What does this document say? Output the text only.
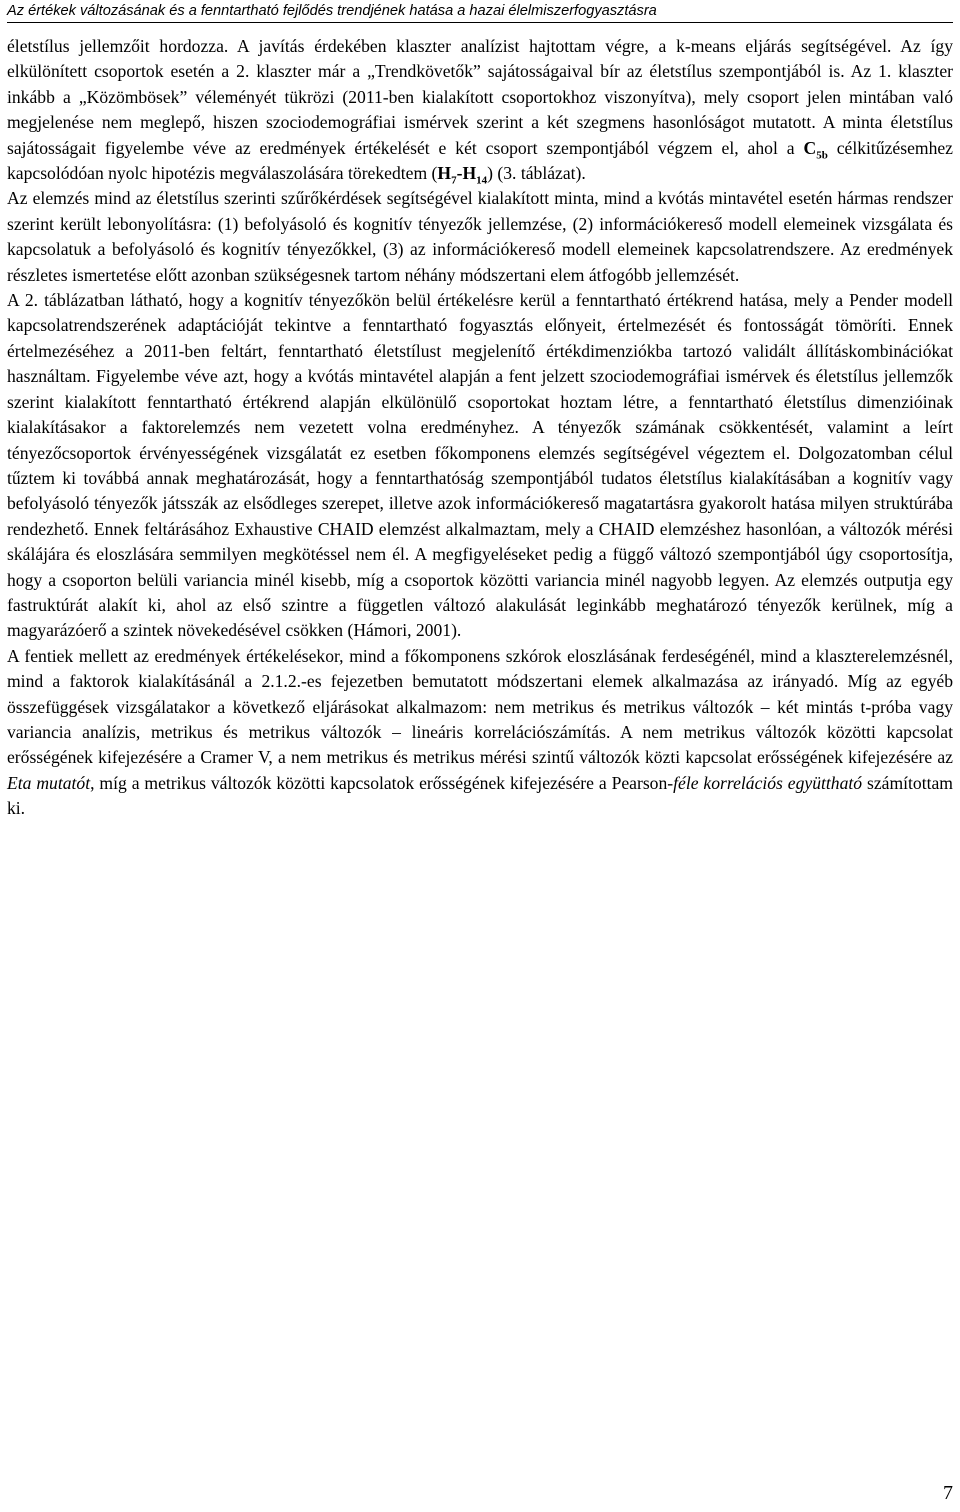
Az értékek változásának és a fenntartható fejlődés trendjének hatása a hazai élelmiszerfogyasztásra

életstílus jellemzőit hordozza. A javítás érdekében klaszter analízist hajtottam végre, a k-means eljárás segítségével. Az így elkülönített csoportok esetén a 2. klaszter már a „Trendkövetők” sajátosságaival bír az életstílus szempontjából is. Az 1. klaszter inkább a „Közömbösek” véleményét tükrözi (2011-ben kialakított csoportokhoz viszonyítva), mely csoport jelen mintában való megjelenése nem meglepő, hiszen szociodemográfiai ismérvek szerint a két szegmens hasonlóságot mutatott. A minta életstílus sajátosságait figyelembe véve az eredmények értékelését e két csoport szempontjából végzem el, ahol a $C_{5b}$ célkitűzésemhez kapcsolódóan nyolc hipotézis megválaszolására törekedtem $(H_7-H_{14})$ (3. táblázat).

Az elemzés mind az életstílus szerinti szűrőkérdések segítségével kialakított minta, mind a kvótás mintavétel esetén hármas rendszer szerint került lebonyolításra: (1) befolyásoló és kognitív tényezők jellemzése, (2) információkereső modell elemeinek vizsgálata és kapcsolatuk a befolyásoló és kognitív tényezőkkel, (3) az információkereső modell elemeinek kapcsolatrendszere. Az eredmények részletes ismertetése előtt azonban szükségesnek tartom néhány módszertani elem átfogóbb jellemzését.

A 2. táblázatban látható, hogy a kognitív tényezőkön belül értékelésre kerül a fenntartható értékrend hatása, mely a Pender modell kapcsolatrendszerének adaptációját tekintve a fenntartható fogyasztás előnyeit, értelmezését és fontosságát tömöríti. Ennek értelmezéséhez a 2011-ben feltárt, fenntartható életstílust megjelenítő értékdimenziókba tartozó validált állításkombinációkat használtam. Figyelembe véve azt, hogy a kvótás mintavétel alapján a fent jelzett szociodemográfiai ismérvek és életstílus jellemzők szerint kialakított fenntartható értékrend alapján elkülönülő csoportokat hoztam létre, a fenntartható életstílus dimenzióinak kialakításakor a faktorelemzés nem vezetett volna eredményhez. A tényezők számának csökkentését, valamint a leírt tényezőcsoportok érvényességének vizsgálatát ez esetben főkomponens elemzés segítségével végeztem el. Dolgozatomban célul tűztem ki továbbá annak meghatározását, hogy a fenntarthatóság szempontjából tudatos életstílus kialakításában a kognitív vagy befolyásoló tényezők játsszák az elsődleges szerepet, illetve azok információkereső magatartásra gyakorolt hatása milyen struktúrába rendezhető. Ennek feltárásához Exhaustive CHAID elemzést alkalmaztam, mely a CHAID elemzéshez hasonlóan, a változók mérési skálájára és eloszlására semmilyen megkötéssel nem él. A megfigyeléseket pedig a függő változó szempontjából úgy csoportosítja, hogy a csoporton belüli variancia minél kisebb, míg a csoportok közötti variancia minél nagyobb legyen. Az elemzés outputja egy fastruktúrát alakít ki, ahol az első szintre a független változó alakulását leginkább meghatározó tényezők kerülnek, míg a magyarázóerő a szintek növekedésével csökken (Hámori, 2001).

A fentiek mellett az eredmények értékelésekor, mind a főkomponens szkórok eloszlásának ferdeségénél, mind a klaszterelemzésnél, mind a faktorok kialakításánál a 2.1.2.-es fejezetben bemutatott módszertani elemek alkalmazása az irányadó. Míg az egyéb összefüggések vizsgálatakor a következő eljárásokat alkalmazom: nem metrikus és metrikus változók – két mintás t-próba vagy variancia analízis, metrikus és metrikus változók – lineáris korrelációszámítás. A nem metrikus változók közötti kapcsolat erősségének kifejezésére a Cramer V, a nem metrikus és metrikus mérési szintű változók közti kapcsolat erősségének kifejezésére az Eta mutatót, míg a metrikus változók közötti kapcsolatok erősségének kifejezésére a Pearson-féle korrelációs együttható számítottam ki.

7
